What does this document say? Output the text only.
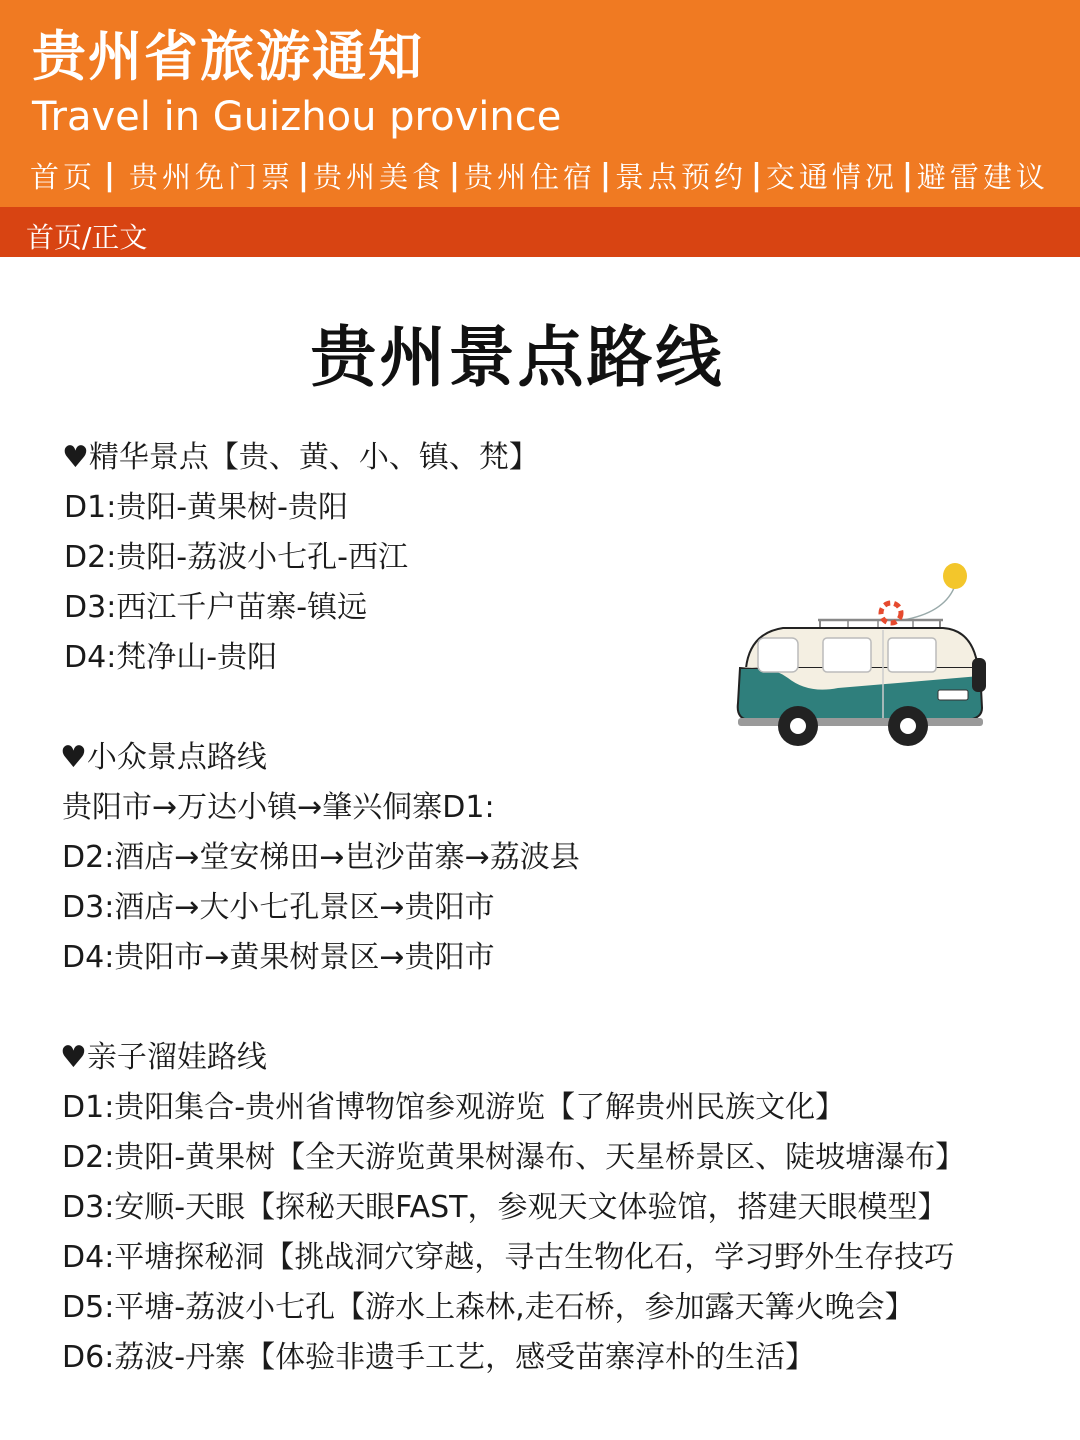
贵州省旅游通知
Travel in Guizhou province
首页 | 贵州免门票 | 贵州美食 | 贵州住宿 | 景点预约 | 交通情况 | 避雷建议
首页/正文
贵州景点路线
♥精华景点【贵、黄、小、镇、梵】
D1:贵阳-黄果树-贵阳
D2:贵阳-荔波小七孔-西江
D3:西江千户苗寨-镇远
D4:梵净山-贵阳
♥小众景点路线
贵阳市→万达小镇→肇兴侗寨D1:
D2:酒店→堂安梯田→岜沙苗寨→荔波县
D3:酒店→大小七孔景区→贵阳市
D4:贵阳市→黄果树景区→贵阳市
♥亲子溜娃路线
D1:贵阳集合-贵州省博物馆参观游览【了解贵州民族文化】
D2:贵阳-黄果树【全天游览黄果树瀑布、天星桥景区、陡坡塘瀑布】
D3:安顺-天眼【探秘天眼FAST，参观天文体验馆，搭建天眼模型】
D4:平塘探秘洞【挑战洞穴穿越，寻古生物化石，学习野外生存技巧
D5:平塘-荔波小七孔【游水上森林,走石桥，参加露天篝火晚会】
D6:荔波-丹寨【体验非遗手工艺，感受苗寨淳朴的生活】
